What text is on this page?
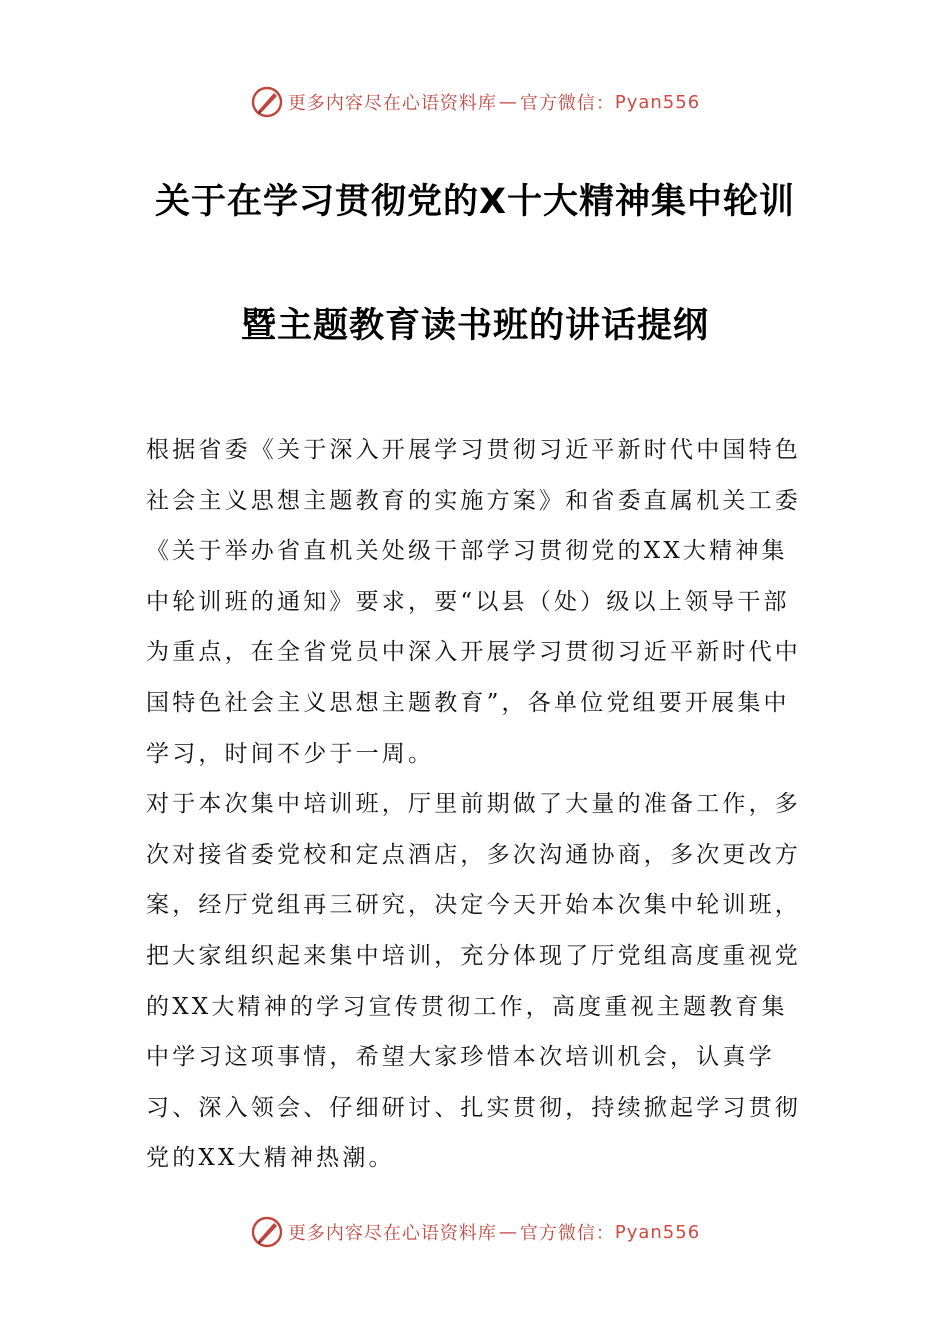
更多内容尽在心语资料库 — 官方微信： Pyan556
关于在学习贯彻党的X十大精神集中轮训
暨主题教育读书班的讲话提纲

根据省委《关于深入开展学习贯彻习近平新时代中国特色社会主义思想主题教育的实施方案》和省委直属机关工委《关于举办省直机关处级干部学习贯彻党的XX大精神集中轮训班的通知》要求，要“以县（处）级以上领导干部为重点，在全省党员中深入开展学习贯彻习近平新时代中国特色社会主义思想主题教育”，各单位党组要开展集中学习，时间不少于一周。

对于本次集中培训班，厅里前期做了大量的准备工作，多次对接省委党校和定点酒店，多次沟通协商，多次更改方案，经厅党组再三研究，决定今天开始本次集中轮训班，把大家组织起来集中培训，充分体现了厅党组高度重视党的XX大精神的学习宣传贯彻工作，高度重视主题教育集中学习这项事情，希望大家珍惜本次培训机会，认真学习、深入领会、仔细研讨、扎实贯彻，持续掀起学习贯彻党的XX大精神热潮。

更多内容尽在心语资料库 — 官方微信： Pyan556
